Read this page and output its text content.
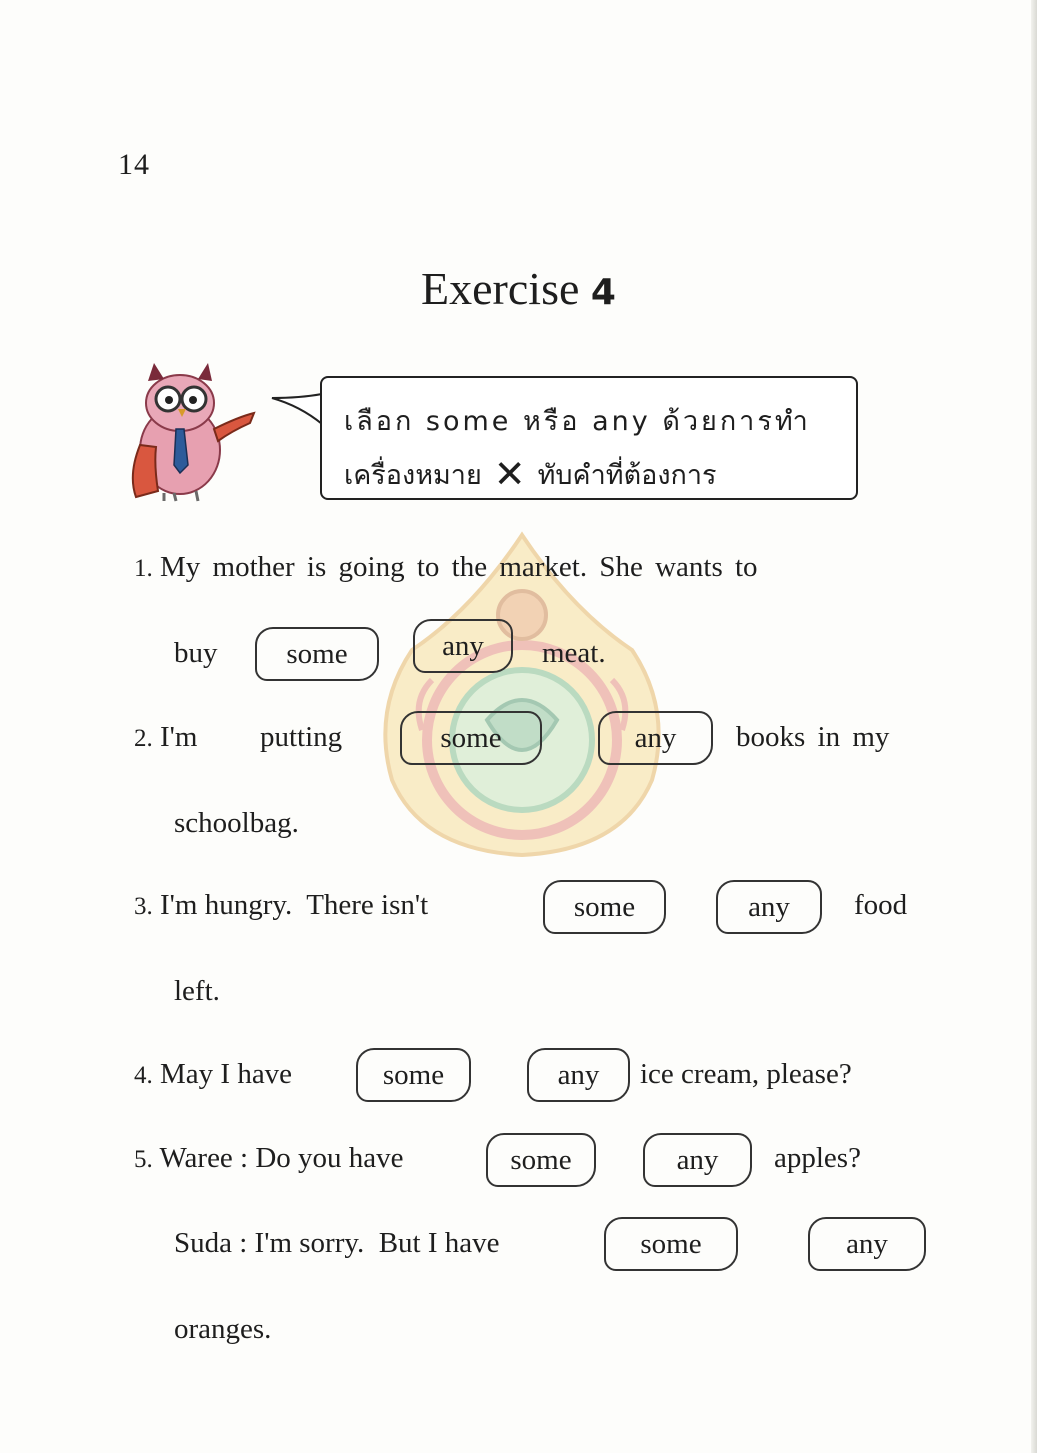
14
Exercise 4
เลือก some หรือ any ด้วยการทำ
เครื่องหมาย ✕ ทับคำที่ต้องการ
1. My mother is going to the market. She wants to
buy	some	any	meat.
2. I'm putting	some	any	books in my
schoolbag.
3. I'm hungry.  There isn't	some	any	food
left.
4. May I have	some	any	ice cream, please?
5. Waree : Do you have	some	any	apples?
Suda : I'm sorry.  But I have	some	any
oranges.
